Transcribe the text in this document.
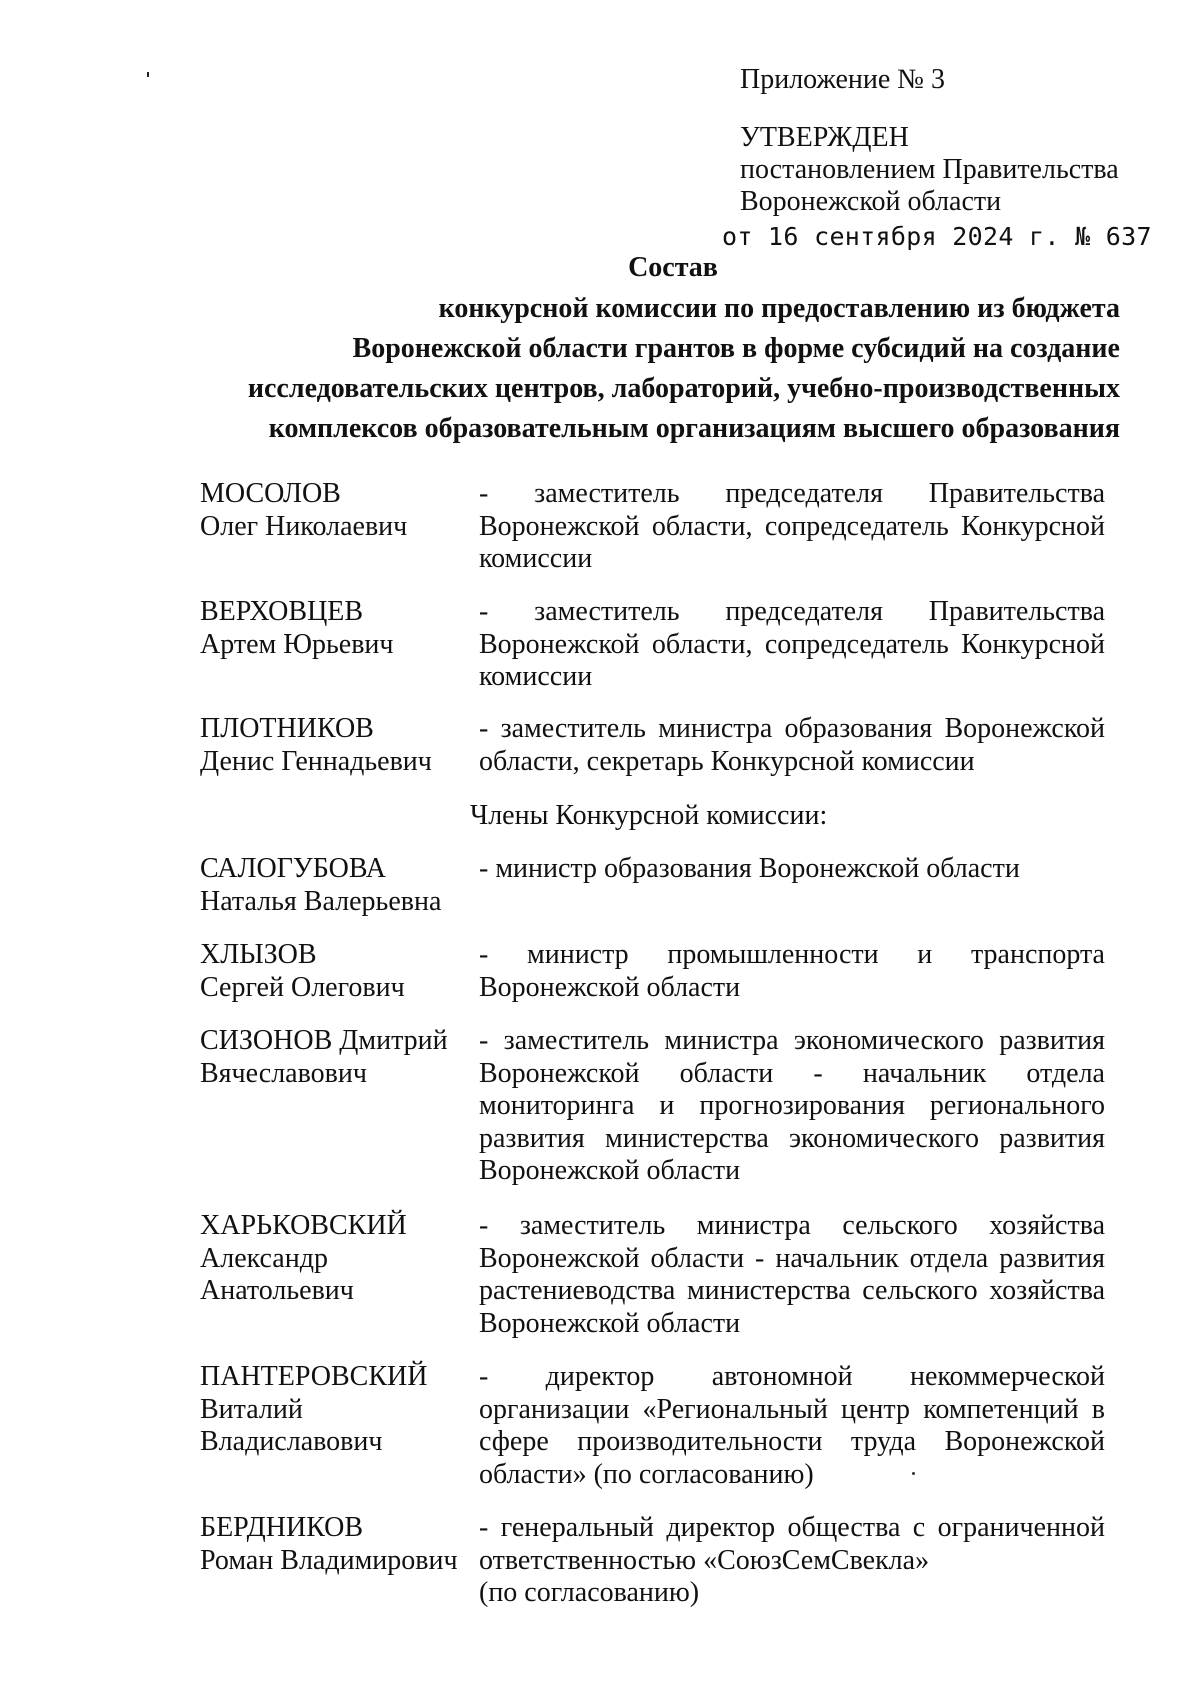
Приложение № 3
УТВЕРЖДЕН
постановлением Правительства
Воронежской области
от 16 сентября 2024 г. № 637
Состав
конкурсной комиссии по предоставлению из бюджета
Воронежской области грантов в форме субсидий на создание
исследовательских центров, лабораторий, учебно-производственных
комплексов образовательным организациям высшего образования
МОСОЛОВ
Олег Николаевич
- заместитель председателя Правительства Воронежской области, сопредседатель Конкурсной комиссии
ВЕРХОВЦЕВ
Артем Юрьевич
- заместитель председателя Правительства Воронежской области, сопредседатель Конкурсной комиссии
ПЛОТНИКОВ
Денис Геннадьевич
- заместитель министра образования Воронежской области, секретарь Конкурсной комиссии
Члены Конкурсной комиссии:
САЛОГУБОВА
Наталья Валерьевна
- министр образования Воронежской области
ХЛЫЗОВ
Сергей Олегович
- министр промышленности и транспорта Воронежской области
СИЗОНОВ Дмитрий
Вячеславович
- заместитель министра экономического развития Воронежской области - начальник отдела мониторинга и прогнозирования регионального развития министерства экономического развития Воронежской области
ХАРЬКОВСКИЙ
Александр
Анатольевич
- заместитель министра сельского хозяйства Воронежской области - начальник отдела развития растениеводства министерства сельского хозяйства Воронежской области
ПАНТЕРОВСКИЙ
Виталий
Владиславович
- директор автономной некоммерческой организации «Региональный центр компетенций в сфере производительности труда Воронежской области» (по согласованию)
БЕРДНИКОВ
Роман Владимирович
- генеральный директор общества с ограниченной ответственностью «СоюзСемСвекла»
(по согласованию)
